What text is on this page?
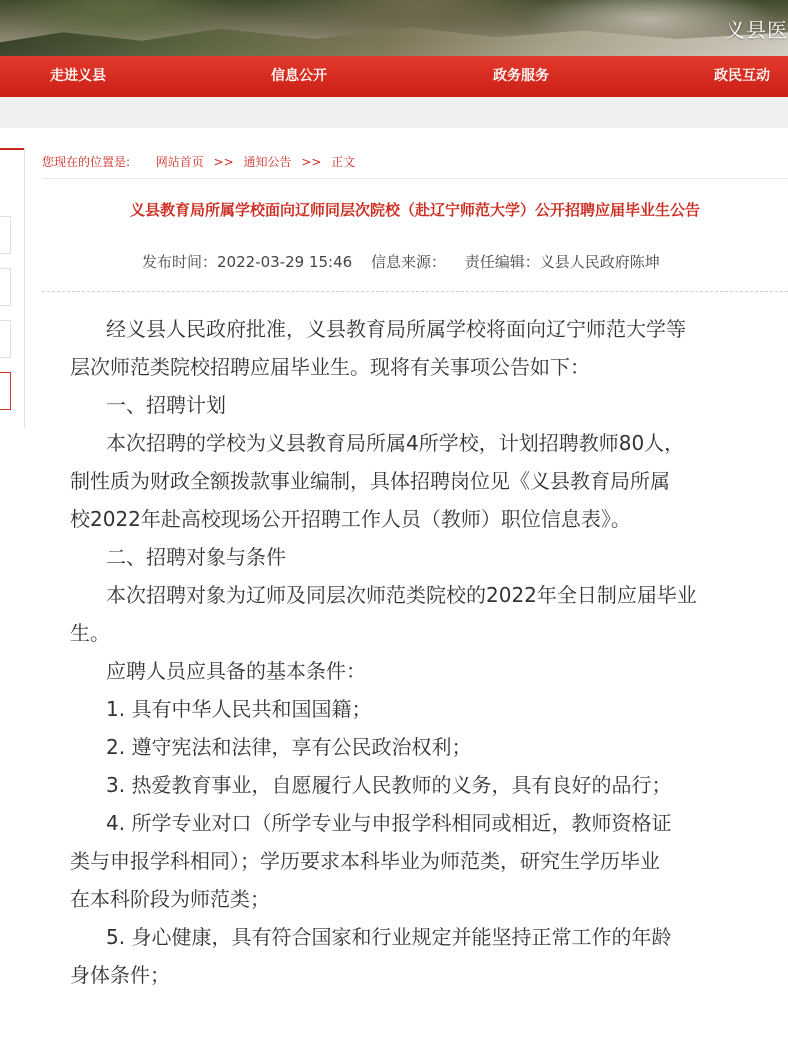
义县医
走进义县	信息公开	政务服务	政民互动
您现在的位置是: 网站首页 >> 通知公告 >> 正文
义县教育局所属学校面向辽师同层次院校（赴辽宁师范大学）公开招聘应届毕业生公告
发布时间：2022-03-29 15:46 信息来源： 责任编辑：义县人民政府陈坤

经义县人民政府批准，义县教育局所属学校将面向辽宁师范大学等

层次师范类院校招聘应届毕业生。现将有关事项公告如下：

一、招聘计划

本次招聘的学校为义县教育局所属4所学校，计划招聘教师80人，

制性质为财政全额拨款事业编制，具体招聘岗位见《义县教育局所属

校2022年赴高校现场公开招聘工作人员（教师）职位信息表》。

二、招聘对象与条件

本次招聘对象为辽师及同层次师范类院校的2022年全日制应届毕业

生。

应聘人员应具备的基本条件：

1. 具有中华人民共和国国籍；

2. 遵守宪法和法律，享有公民政治权利；

3. 热爱教育事业，自愿履行人民教师的义务，具有良好的品行；

4. 所学专业对口（所学专业与申报学科相同或相近，教师资格证

类与申报学科相同）；学历要求本科毕业为师范类，研究生学历毕业

在本科阶段为师范类；

5. 身心健康，具有符合国家和行业规定并能坚持正常工作的年龄

身体条件；
